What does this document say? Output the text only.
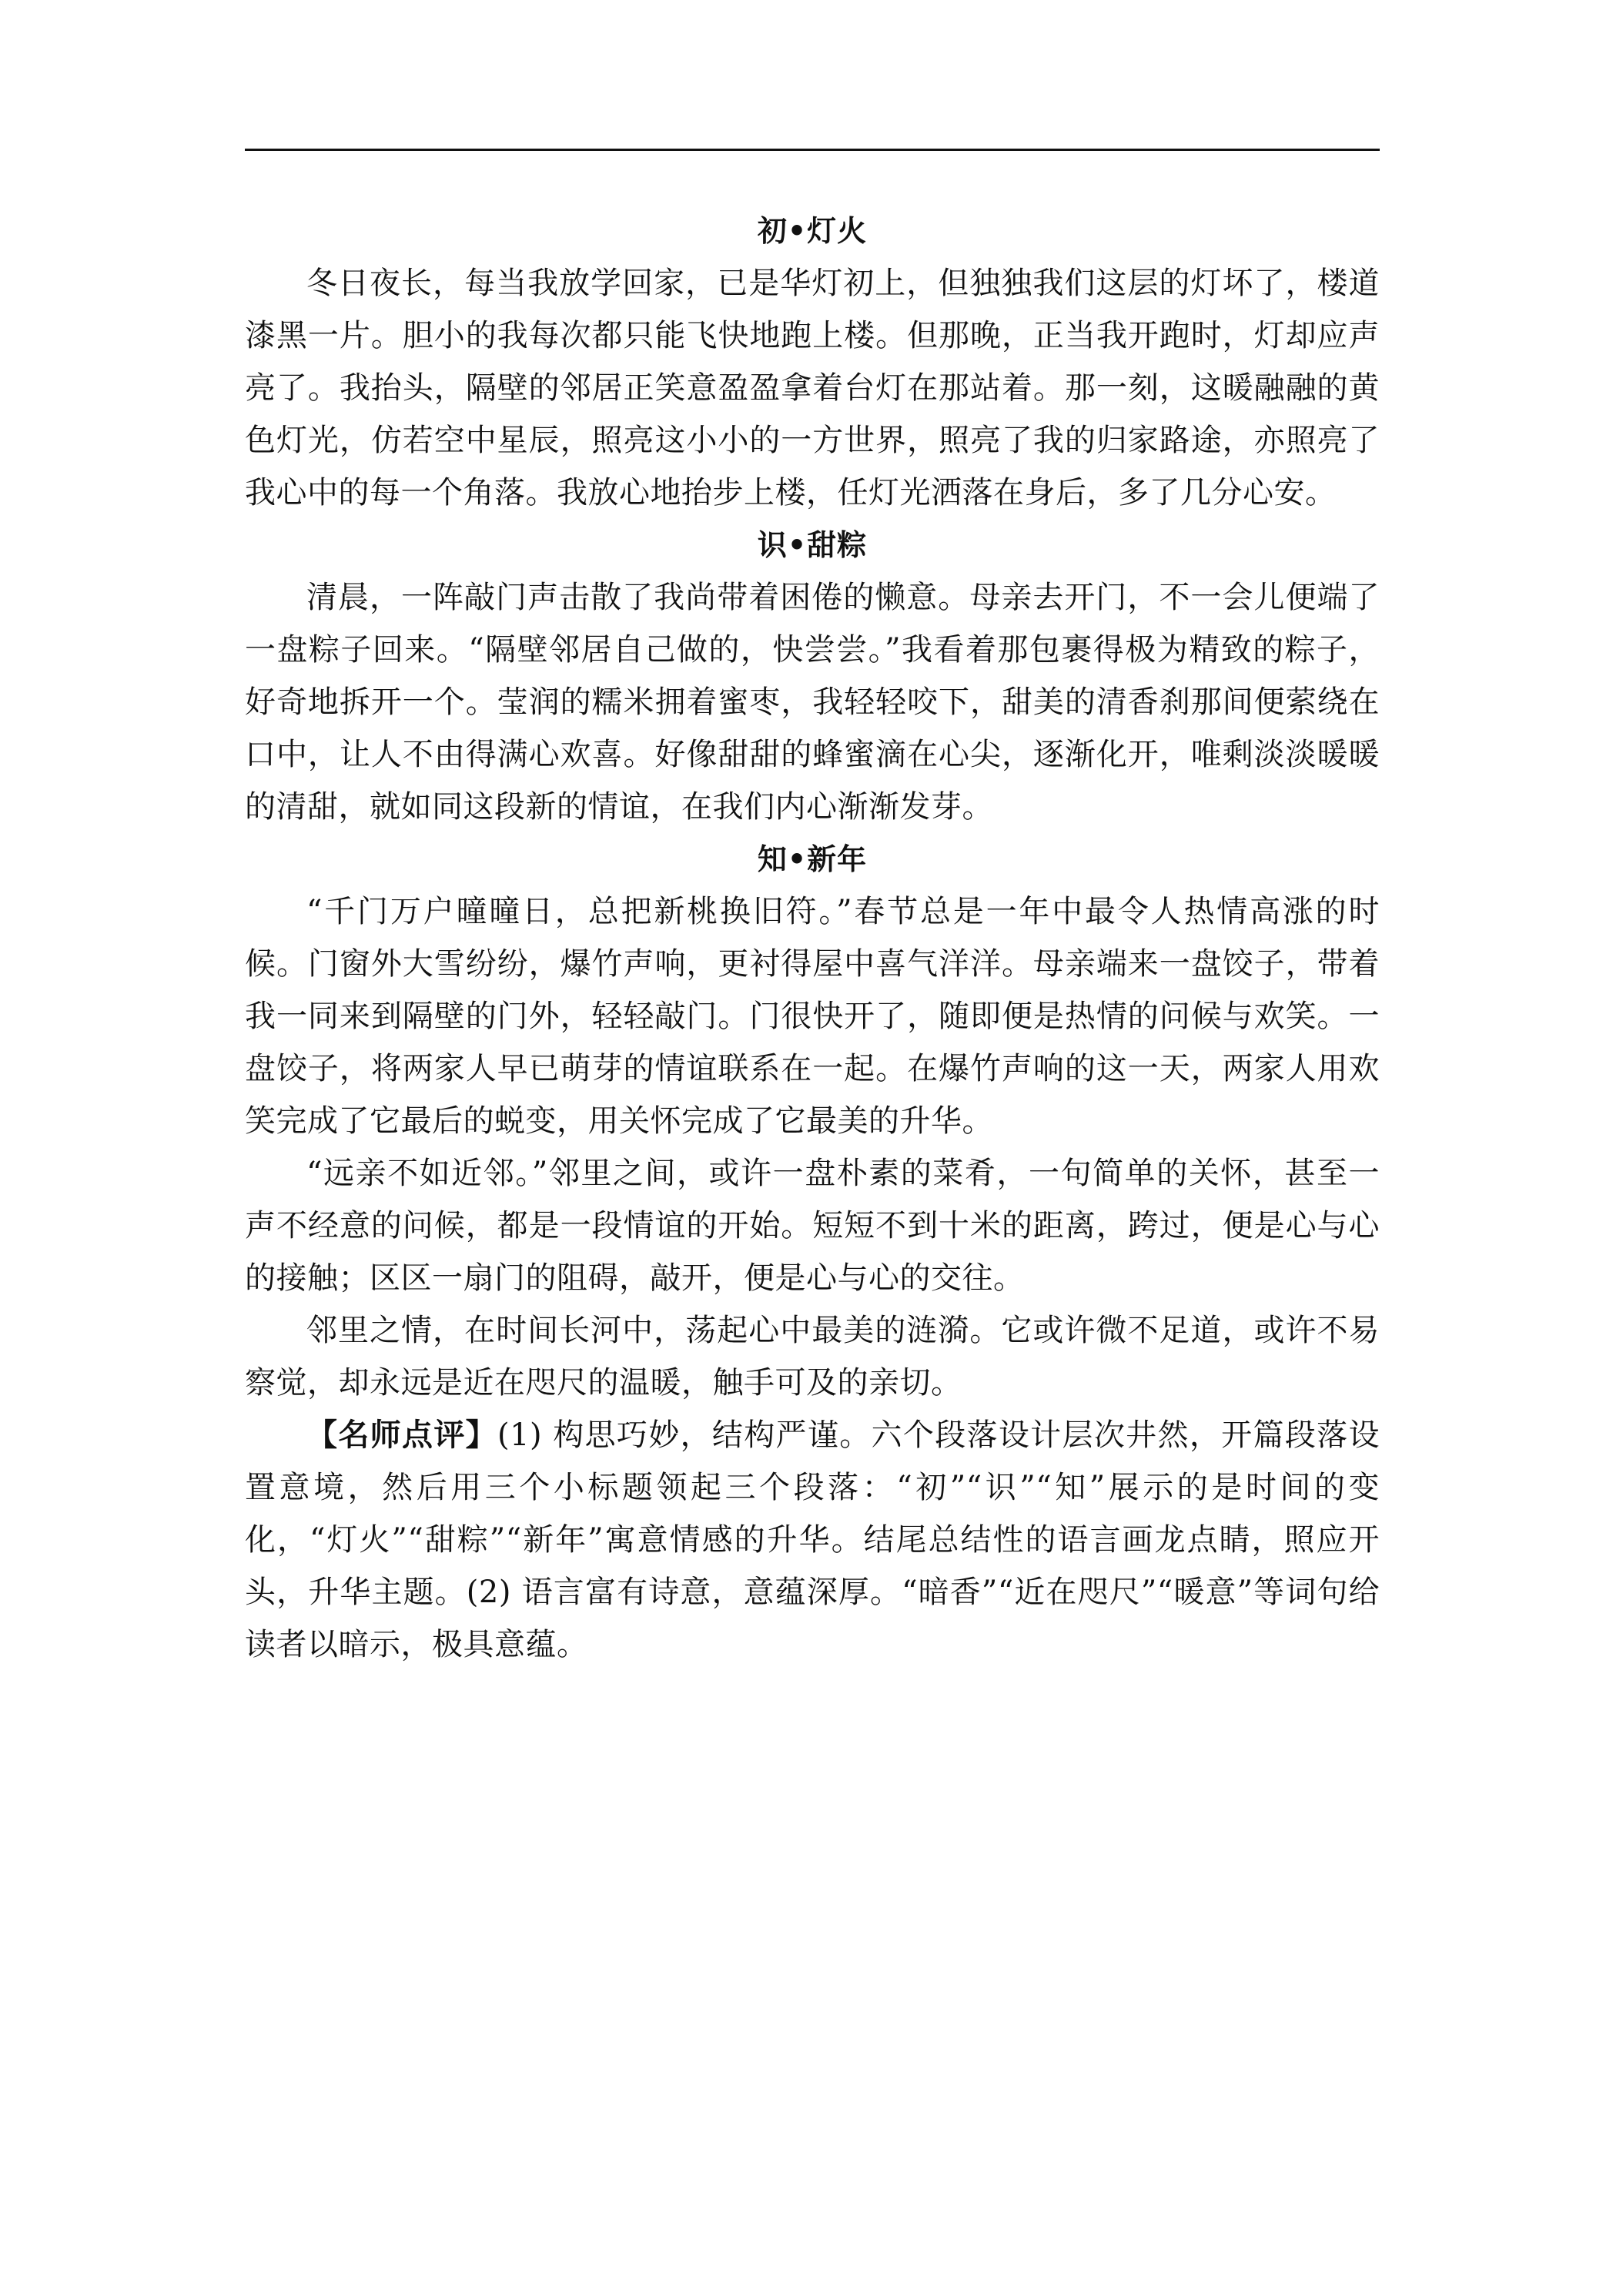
初•灯火

冬日夜长，每当我放学回家，已是华灯初上，但独独我们这层的灯坏了，楼道漆黑一片。胆小的我每次都只能飞快地跑上楼。但那晚，正当我开跑时，灯却应声亮了。我抬头，隔壁的邻居正笑意盈盈拿着台灯在那站着。那一刻，这暖融融的黄色灯光，仿若空中星辰，照亮这小小的一方世界，照亮了我的归家路途，亦照亮了我心中的每一个角落。我放心地抬步上楼，任灯光洒落在身后，多了几分心安。

识•甜粽

清晨，一阵敲门声击散了我尚带着困倦的懒意。母亲去开门，不一会儿便端了一盘粽子回来。“隔壁邻居自己做的，快尝尝。”我看着那包裹得极为精致的粽子，好奇地拆开一个。莹润的糯米拥着蜜枣，我轻轻咬下，甜美的清香刹那间便萦绕在口中，让人不由得满心欢喜。好像甜甜的蜂蜜滴在心尖，逐渐化开，唯剩淡淡暖暖的清甜，就如同这段新的情谊，在我们内心渐渐发芽。

知•新年

“千门万户曈曈日，总把新桃换旧符。”春节总是一年中最令人热情高涨的时候。门窗外大雪纷纷，爆竹声响，更衬得屋中喜气洋洋。母亲端来一盘饺子，带着我一同来到隔壁的门外，轻轻敲门。门很快开了，随即便是热情的问候与欢笑。一盘饺子，将两家人早已萌芽的情谊联系在一起。在爆竹声响的这一天，两家人用欢笑完成了它最后的蜕变，用关怀完成了它最美的升华。

“远亲不如近邻。”邻里之间，或许一盘朴素的菜肴，一句简单的关怀，甚至一声不经意的问候，都是一段情谊的开始。短短不到十米的距离，跨过，便是心与心的接触；区区一扇门的阻碍，敲开，便是心与心的交往。

邻里之情，在时间长河中，荡起心中最美的涟漪。它或许微不足道，或许不易察觉，却永远是近在咫尺的温暖，触手可及的亲切。

【名师点评】(1) 构思巧妙，结构严谨。六个段落设计层次井然，开篇段落设置意境，然后用三个小标题领起三个段落：“初”“识”“知”展示的是时间的变化，“灯火”“甜粽”“新年”寓意情感的升华。结尾总结性的语言画龙点睛，照应开头，升华主题。(2) 语言富有诗意，意蕴深厚。“暗香”“近在咫尺”“暖意”等词句给读者以暗示，极具意蕴。
